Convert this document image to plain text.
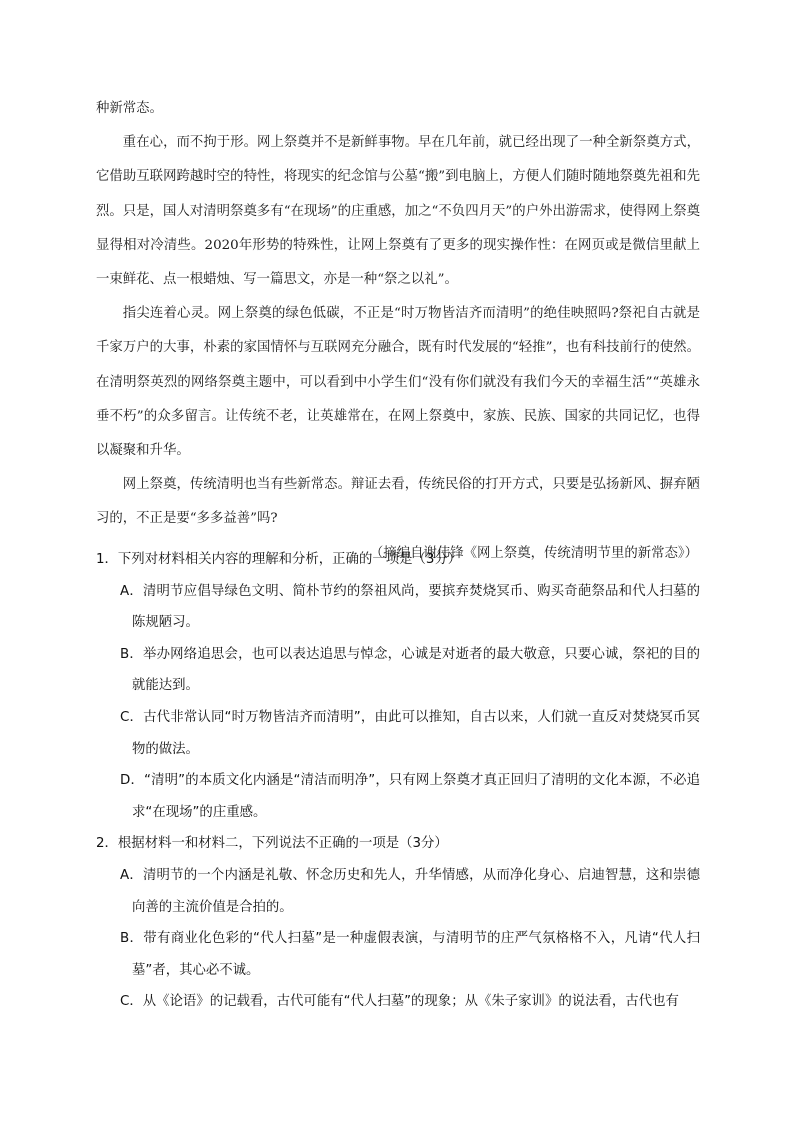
种新常态。

重在心，而不拘于形。网上祭奠并不是新鲜事物。早在几年前，就已经出现了一种全新祭奠方式，它借助互联网跨越时空的特性，将现实的纪念馆与公墓“搬”到电脑上，方便人们随时随地祭奠先祖和先烈。只是，国人对清明祭奠多有“在现场”的庄重感，加之“不负四月天”的户外出游需求，使得网上祭奠显得相对冷清些。2020年形势的特殊性，让网上祭奠有了更多的现实操作性：在网页或是微信里献上一束鲜花、点一根蜡烛、写一篇思文，亦是一种“祭之以礼”。

指尖连着心灵。网上祭奠的绿色低碳，不正是“时万物皆洁齐而清明”的绝佳映照吗?祭祀自古就是千家万户的大事，朴素的家国情怀与互联网充分融合，既有时代发展的“轻推”，也有科技前行的使然。在清明祭英烈的网络祭奠主题中，可以看到中小学生们“没有你们就没有我们今天的幸福生活”“英雄永垂不朽”的众多留言。让传统不老，让英雄常在，在网上祭奠中，家族、民族、国家的共同记忆，也得以凝聚和升华。

网上祭奠，传统清明也当有些新常态。辩证去看，传统民俗的打开方式，只要是弘扬新风、摒弃陋习的，不正是要“多多益善”吗?

（摘编自谢伟锋《网上祭奠，传统清明节里的新常态》）

1．下列对材料相关内容的理解和分析，正确的一项是（3分）

A．清明节应倡导绿色文明、简朴节约的祭祖风尚，要摈弃焚烧冥币、购买奇葩祭品和代人扫墓的陈规陋习。

B．举办网络追思会，也可以表达追思与悼念，心诚是对逝者的最大敬意，只要心诚，祭祀的目的就能达到。

C．古代非常认同“时万物皆洁齐而清明”，由此可以推知，自古以来，人们就一直反对焚烧冥币冥物的做法。

D．“清明”的本质文化内涵是“清洁而明净”，只有网上祭奠才真正回归了清明的文化本源，不必追求“在现场”的庄重感。

2．根据材料一和材料二，下列说法不正确的一项是（3分）

A．清明节的一个内涵是礼敬、怀念历史和先人，升华情感，从而净化身心、启迪智慧，这和崇德向善的主流价值是合拍的。

B．带有商业化色彩的“代人扫墓”是一种虚假表演，与清明节的庄严气氛格格不入，凡请“代人扫墓”者，其心必不诚。

C．从《论语》的记载看，古代可能有“代人扫墓”的现象；从《朱子家训》的说法看，古代也有
